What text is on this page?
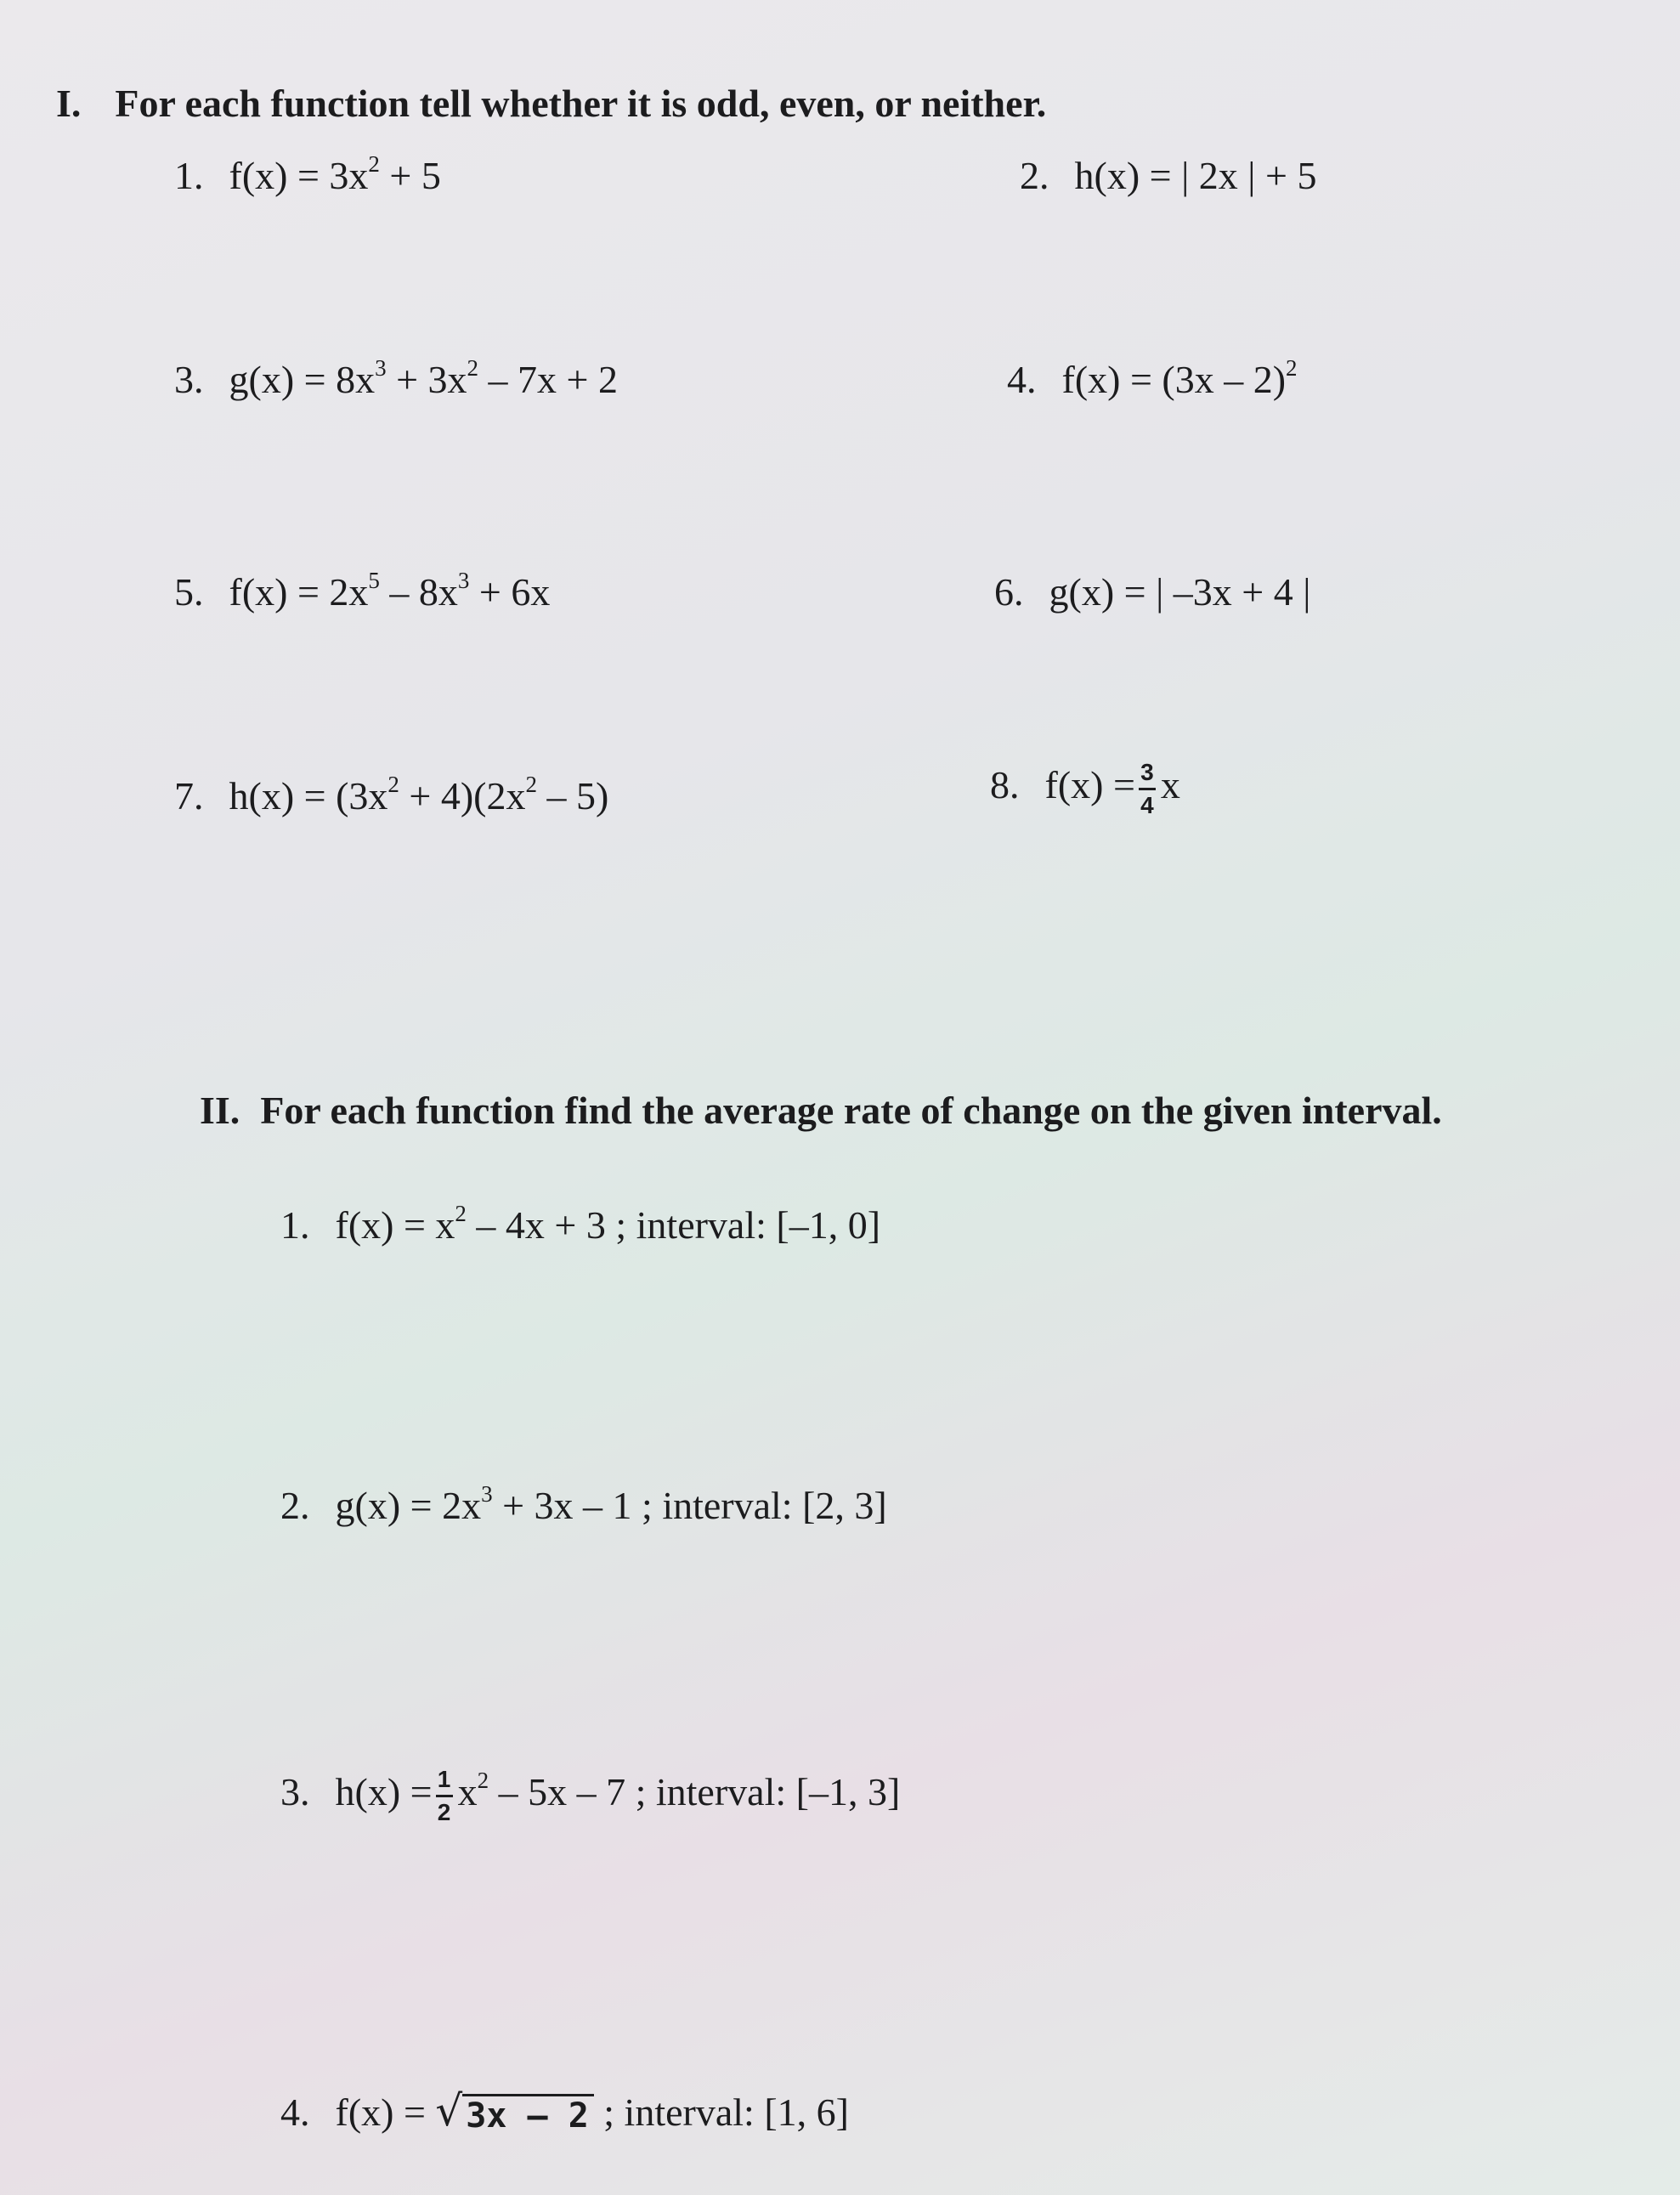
I. For each function tell whether it is odd, even, or neither.
1. $f(x) = 3x^2 + 5$	2. h(x) = | 2x | + 5
3. $g(x) = 8x^3 + 3x^2 - 7x + 2$	4. f(x) = (3x – 2)$^2$
5. $f(x) = 2x^5 - 8x^3 + 6x$	6. g(x) = | –3x + 4 |
7. $h(x) = (3x^2 + 4)(2x^2 - 5)$	8. $f(x) = \frac{3}{4}$ x
II. For each function find the average rate of change on the given interval.
1. $f(x) = x^2 - 4x + 3$ ; interval: [–1, 0]
2. $g(x) = 2x^3 + 3x - 1$ ; interval: [2, 3]
3. $h(x) = \frac{1}{2} x^2 - 5x - 7$ ; interval: [–1, 3]
4. f(x) = √ 3x – 2 ; interval: [1, 6]
